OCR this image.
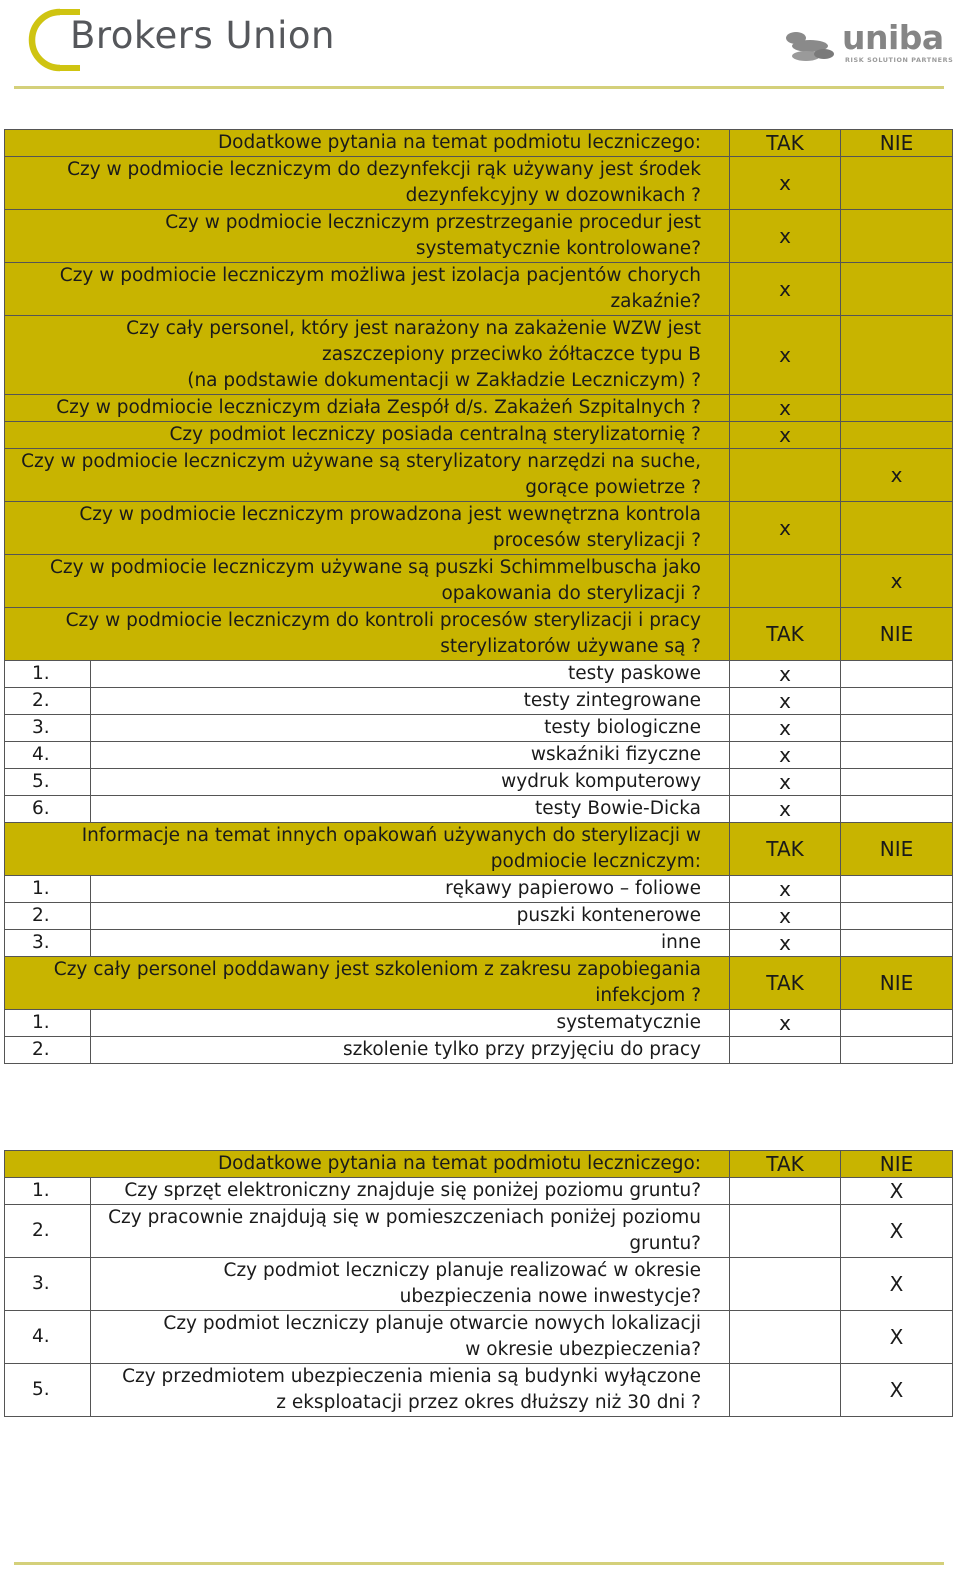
Brokers Union	uniba
RISK SOLUTION PARTNERS
Dodatkowe pytania na temat podmiotu leczniczego:		TAK	NIE

Czy w podmiocie leczniczym do dezynfekcji rąk używany jest środek
dezynfekcyjny w dozownikach ?		x	

Czy w podmiocie leczniczym przestrzeganie procedur jest
systematycznie kontrolowane?		x	

Czy w podmiocie leczniczym możliwa jest izolacja pacjentów chorych
zakaźnie?		x	

Czy cały personel, który jest narażony na zakażenie WZW jest
zaszczepiony przeciwko żółtaczce typu B
(na podstawie dokumentacji w Zakładzie Leczniczym) ?		x	

Czy w podmiocie leczniczym działa Zespół d/s. Zakażeń Szpitalnych ?		x	

Czy podmiot leczniczy posiada centralną sterylizatornię ?		x	

Czy w podmiocie leczniczym używane są sterylizatory narzędzi na suche,
gorące powietrze ?			x

Czy w podmiocie leczniczym prowadzona jest wewnętrzna kontrola
procesów sterylizacji ?		x	

Czy w podmiocie leczniczym używane są puszki Schimmelbuscha jako
opakowania do sterylizacji ?			x

Czy w podmiocie leczniczym do kontroli procesów sterylizacji i pracy
sterylizatorów używane są ?		TAK	NIE
1.	testy paskowe	x	
2.	testy zintegrowane	x	
3.	testy biologiczne	x	
4.	wskaźniki fizyczne	x	
5.	wydruk komputerowy	x	
6.	testy Bowie-Dicka	x	

Informacje na temat innych opakowań używanych do sterylizacji w
podmiocie leczniczym:		TAK	NIE
1.	rękawy papierowo – foliowe	x	
2.	puszki kontenerowe	x	
3.	inne	x	

Czy cały personel poddawany jest szkoleniom z zakresu zapobiegania
infekcjom ?		TAK	NIE
1.	systematycznie	x	
2.	szkolenie tylko przy przyjęciu do pracy		
Dodatkowe pytania na temat podmiotu leczniczego:		TAK	NIE
1.	Czy sprzęt elektroniczny znajduje się poniżej poziomu gruntu?		X
2.	Czy pracownie znajdują się w pomieszczeniach poniżej poziomu
gruntu?		X
3.	Czy podmiot leczniczy planuje realizować w okresie
ubezpieczenia nowe inwestycje?		X
4.	Czy podmiot leczniczy planuje otwarcie nowych lokalizacji
w okresie ubezpieczenia?		X
5.	Czy przedmiotem ubezpieczenia mienia są budynki wyłączone
z eksploatacji przez okres dłuższy niż 30 dni ?		X
